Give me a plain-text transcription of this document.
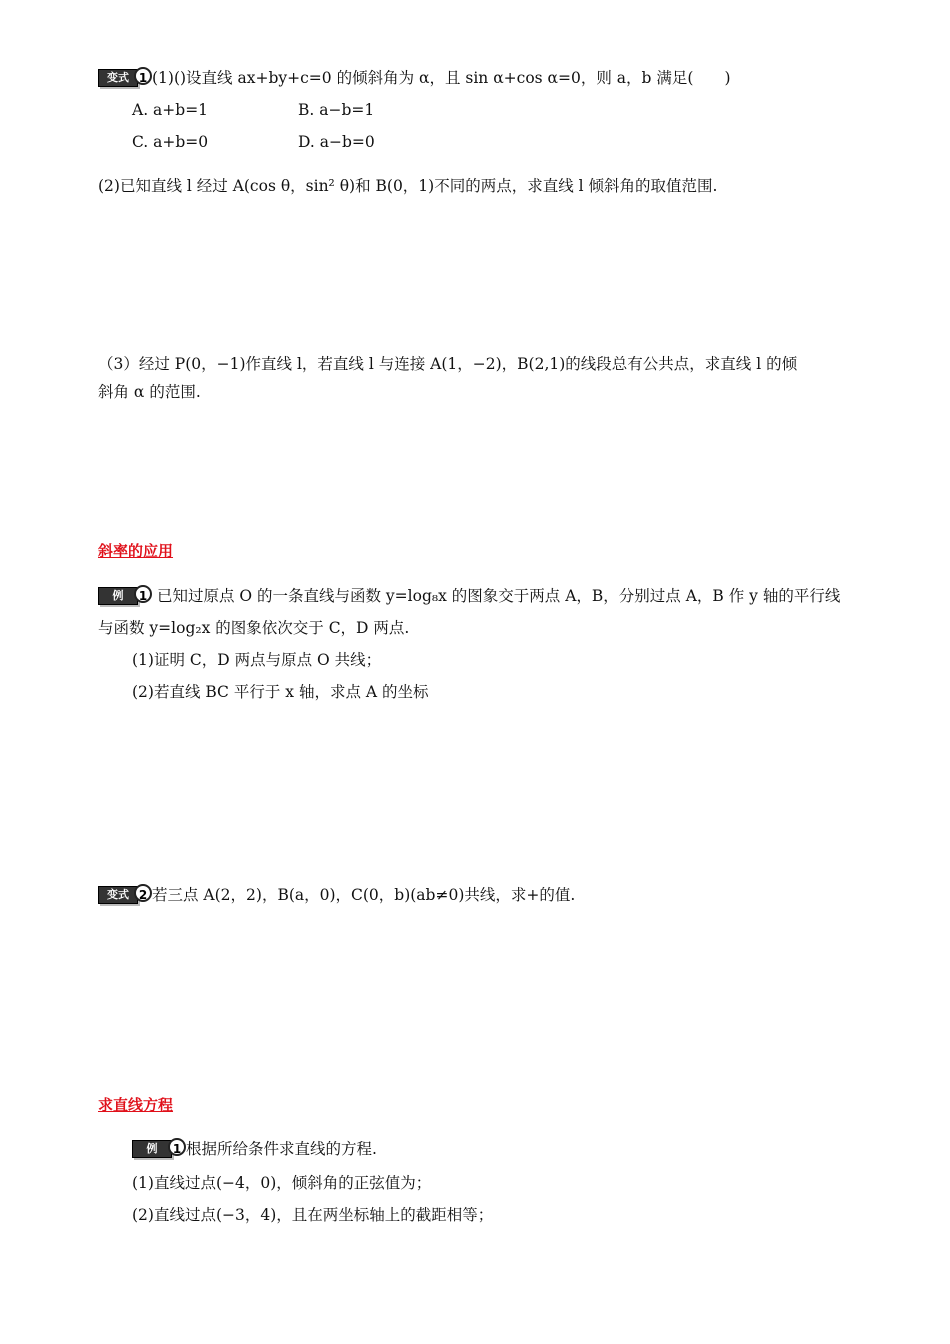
变式 1 (1)()设直线 ax+by+c=0 的倾斜角为 α，且 sin α+cos α=0，则 a，b 满足(　　)
A. a+b=1	B. a−b=1
C. a+b=0	D. a−b=0
(2)已知直线 l 经过 A(cos θ，sin² θ)和 B(0，1)不同的两点，求直线 l 倾斜角的取值范围.
（3）经过 P(0，−1)作直线 l，若直线 l 与连接 A(1，−2)，B(2,1)的线段总有公共点，求直线 l 的倾
斜角 α 的范围.
斜率的应用
例	1 已知过原点 O 的一条直线与函数 y=log₈x 的图象交于两点 A，B，分别过点 A，B 作 y 轴的平行线
与函数 y=log₂x 的图象依次交于 C，D 两点.
(1)证明 C，D 两点与原点 O 共线；
(2)若直线 BC 平行于 x 轴，求点 A 的坐标
变式 2 若三点 A(2，2)，B(a，0)，C(0，b)(ab≠0)共线，求+的值.
求直线方程
例	1 根据所给条件求直线的方程.
(1)直线过点(−4，0)，倾斜角的正弦值为；
(2)直线过点(−3，4)，且在两坐标轴上的截距相等；
